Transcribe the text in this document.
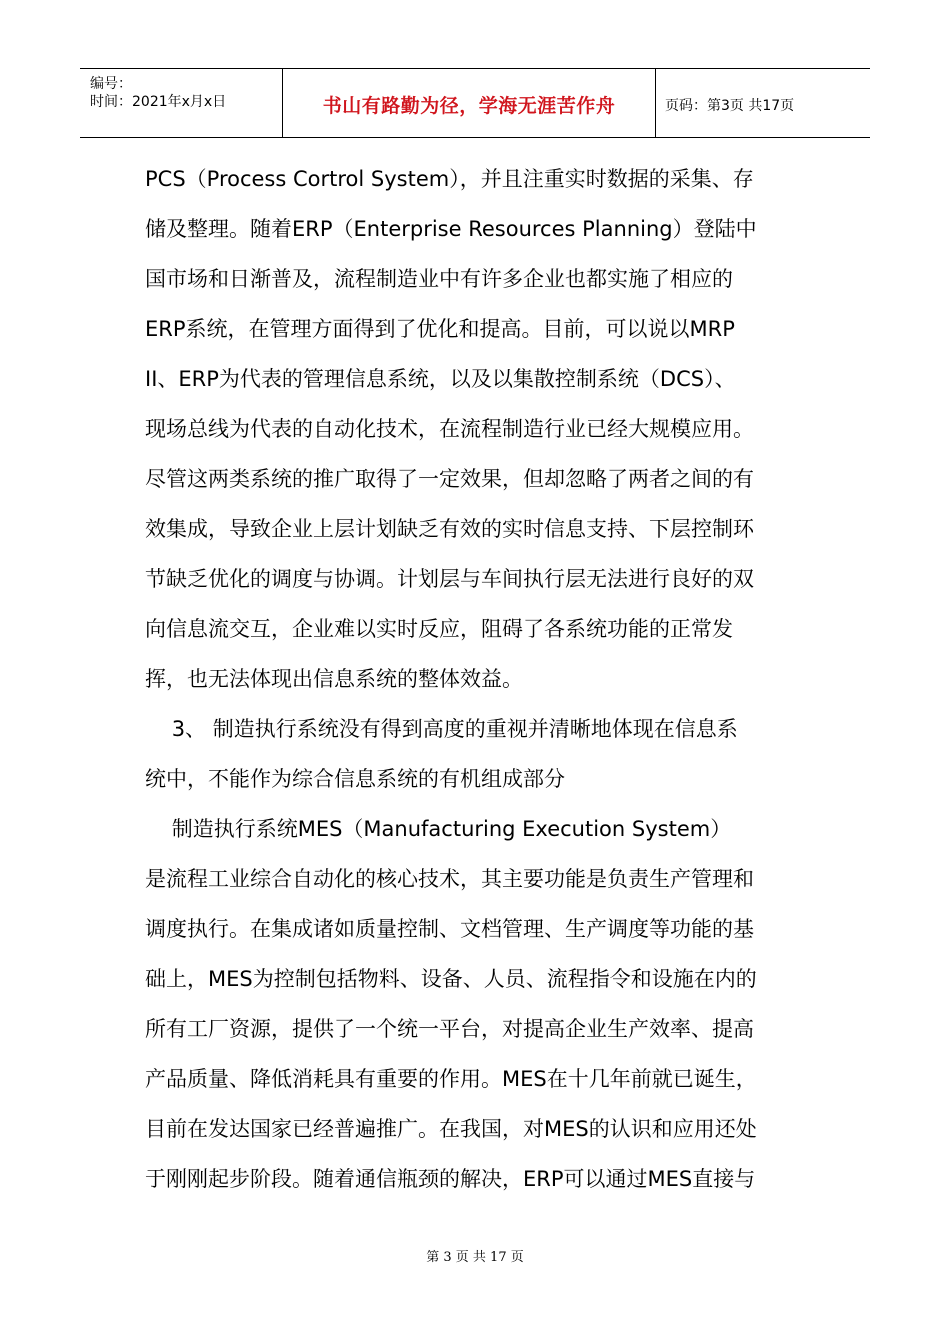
编号：
时间：2021年x月x日	书山有路勤为径，学海无涯苦作舟	页码：第3页 共17页
PCS（Process Cortrol System），并且注重实时数据的采集、存
储及整理。随着ERP（Enterprise Resources Planning）登陆中
国市场和日渐普及，流程制造业中有许多企业也都实施了相应的
ERP系统，在管理方面得到了优化和提高。目前，可以说以MRP
II、ERP为代表的管理信息系统，以及以集散控制系统（DCS）、
现场总线为代表的自动化技术，在流程制造行业已经大规模应用。
尽管这两类系统的推广取得了一定效果，但却忽略了两者之间的有
效集成，导致企业上层计划缺乏有效的实时信息支持、下层控制环
节缺乏优化的调度与协调。计划层与车间执行层无法进行良好的双
向信息流交互，企业难以实时反应，阻碍了各系统功能的正常发
挥，也无法体现出信息系统的整体效益。
3、 制造执行系统没有得到高度的重视并清晰地体现在信息系
统中，不能作为综合信息系统的有机组成部分
制造执行系统MES（Manufacturing Execution System）
是流程工业综合自动化的核心技术，其主要功能是负责生产管理和
调度执行。在集成诸如质量控制、文档管理、生产调度等功能的基
础上，MES为控制包括物料、设备、人员、流程指令和设施在内的
所有工厂资源，提供了一个统一平台，对提高企业生产效率、提高
产品质量、降低消耗具有重要的作用。MES在十几年前就已诞生，
目前在发达国家已经普遍推广。在我国，对MES的认识和应用还处
于刚刚起步阶段。随着通信瓶颈的解决，ERP可以通过MES直接与
第 3 页 共 17 页
